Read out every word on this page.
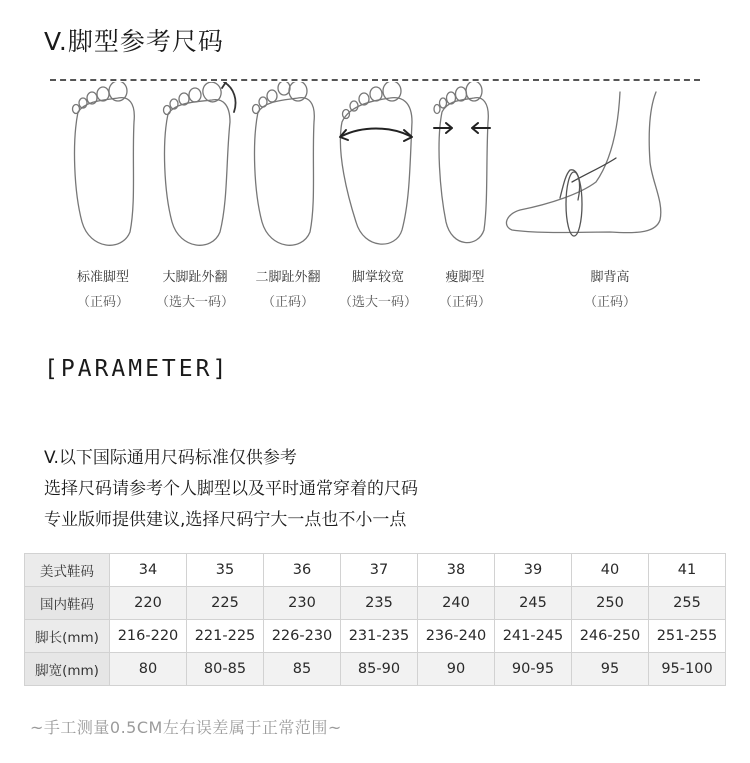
V.脚型参考尺码
标准脚型
（正码）
大脚趾外翻
（选大一码）
二脚趾外翻
（正码）
脚掌较宽
（选大一码）
瘦脚型
（正码）
脚背高
（正码）
[PARAMETER]
V.以下国际通用尺码标准仅供参考
选择尺码请参考个人脚型以及平时通常穿着的尺码
专业版师提供建议,选择尺码宁大一点也不小一点
美式鞋码	34	35	36	37	38	39	40	41
国内鞋码	220	225	230	235	240	245	250	255
脚长(mm)	216-220	221-225	226-230	231-235	236-240	241-245	246-250	251-255
脚宽(mm)	80	80-85	85	85-90	90	90-95	95	95-100
~手工测量0.5CM左右误差属于正常范围~
